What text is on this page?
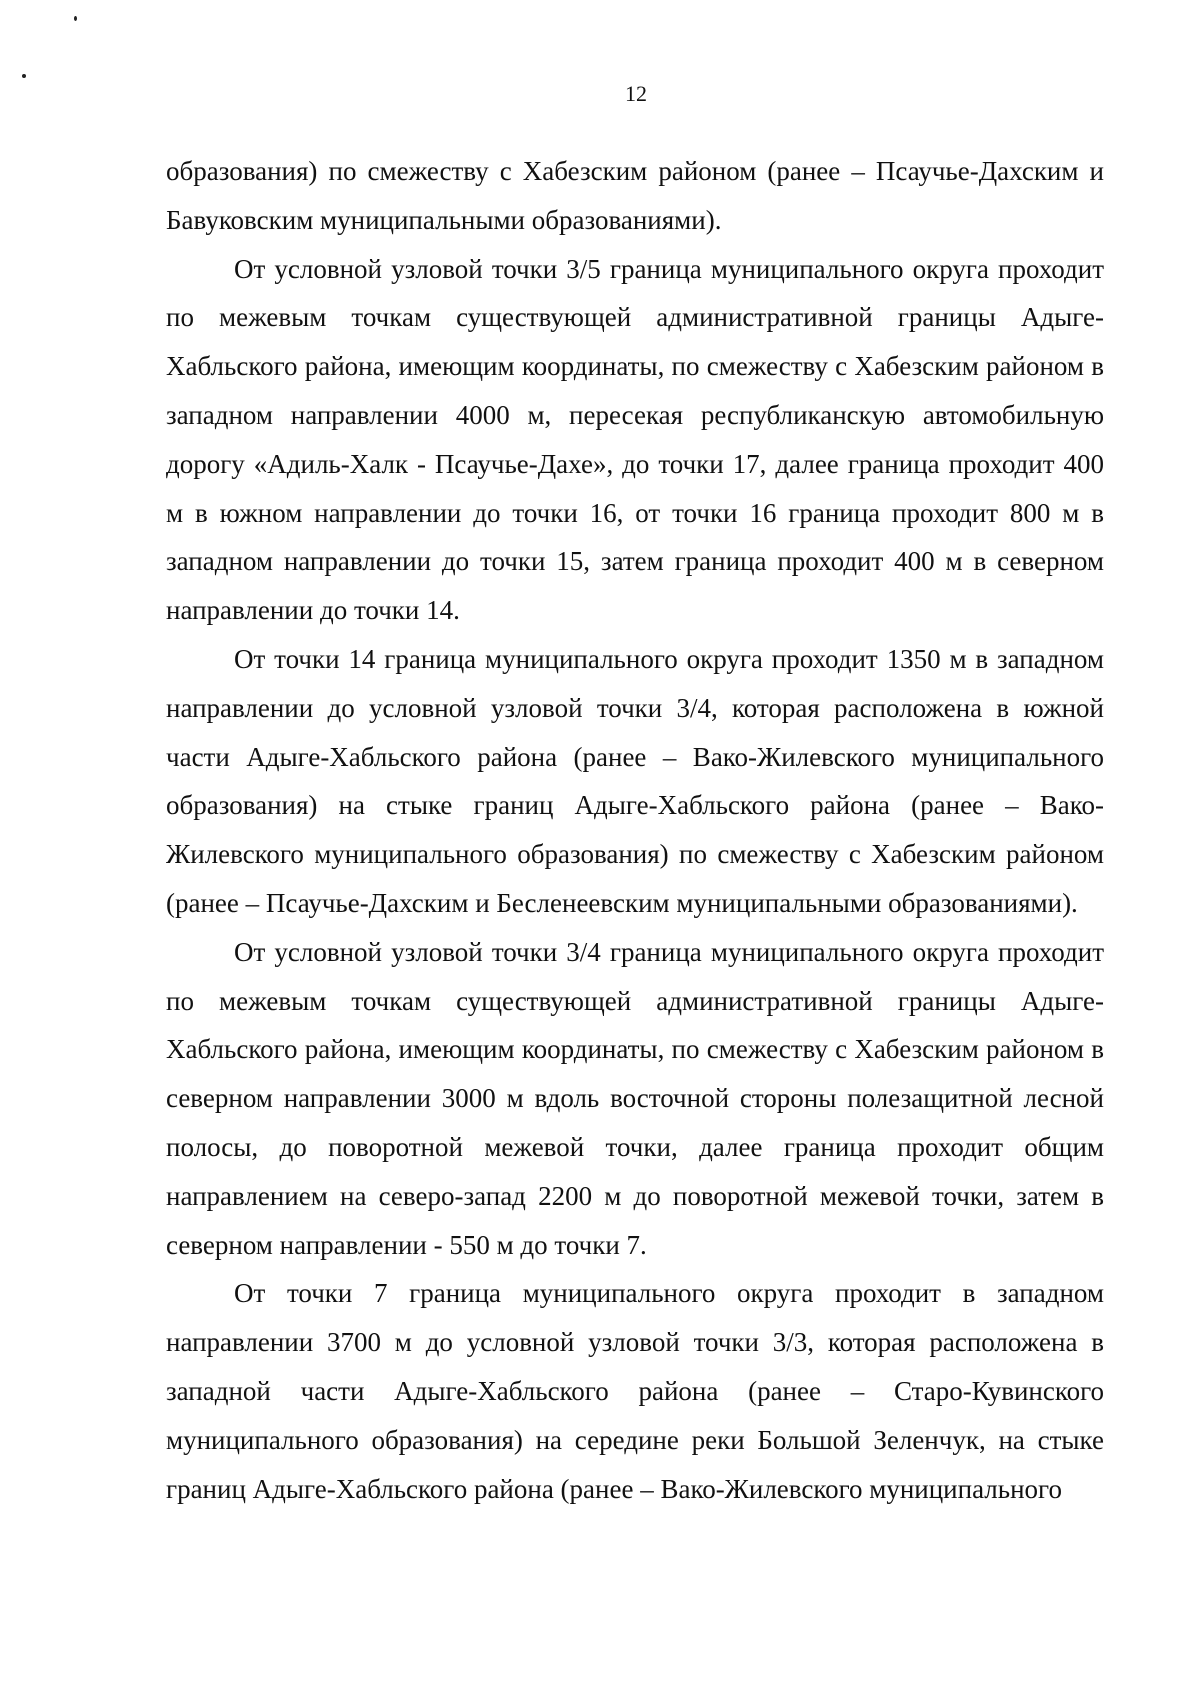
12

образования) по смежеству с Хабезским районом (ранее – Псаучье-Дахским и Бавуковским муниципальными образованиями).

От условной узловой точки 3/5 граница муниципального округа проходит по межевым точкам существующей административной границы Адыге-Хабльского района, имеющим координаты, по смежеству с Хабезским районом в западном направлении 4000 м, пересекая республиканскую автомобильную дорогу «Адиль-Халк - Псаучье-Дахе», до точки 17, далее граница проходит 400 м в южном направлении до точки 16, от точки 16 граница проходит 800 м в западном направлении до точки 15, затем граница проходит 400 м в северном направлении до точки 14.

От точки 14 граница муниципального округа проходит 1350 м в западном направлении до условной узловой точки 3/4, которая расположена в южной части Адыге-Хабльского района (ранее – Вако-Жилевского муниципального образования) на стыке границ Адыге-Хабльского района (ранее – Вако-Жилевского муниципального образования) по смежеству с Хабезским районом (ранее – Псаучье-Дахским и Бесленеевским муниципальными образованиями).

От условной узловой точки 3/4 граница муниципального округа проходит по межевым точкам существующей административной границы Адыге-Хабльского района, имеющим координаты, по смежеству с Хабезским районом в северном направлении 3000 м вдоль восточной стороны полезащитной лесной полосы, до поворотной межевой точки, далее граница проходит общим направлением на северо-запад 2200 м до поворотной межевой точки, затем в северном направлении - 550 м до точки 7.

От точки 7 граница муниципального округа проходит в западном направлении 3700 м до условной узловой точки 3/3, которая расположена в западной части Адыге-Хабльского района (ранее – Старо-Кувинского муниципального образования) на середине реки Большой Зеленчук, на стыке границ Адыге-Хабльского района (ранее – Вако-Жилевского муниципального
